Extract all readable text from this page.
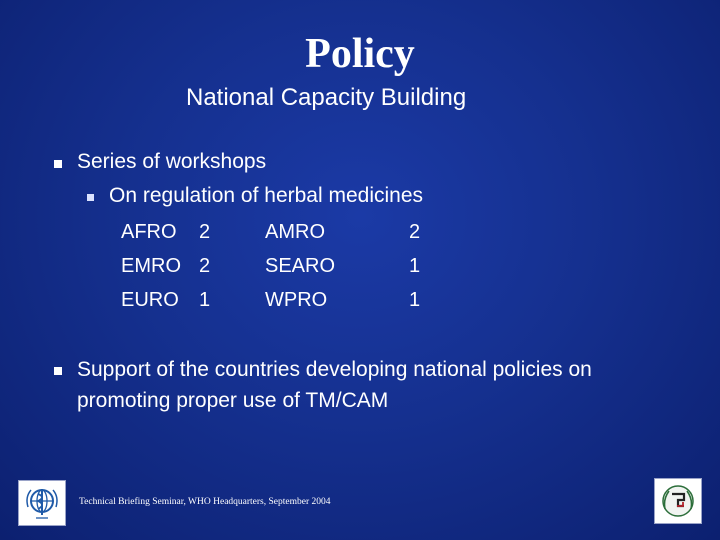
Policy
National Capacity Building
Series of workshops
On regulation of herbal medicines
AFRO 2	AMRO	2
EMRO 2	SEARO	1
EURO 1	WPRO	1
Support of the countries developing national policies on
promoting proper use of TM/CAM
Technical Briefing Seminar, WHO Headquarters, September 2004
